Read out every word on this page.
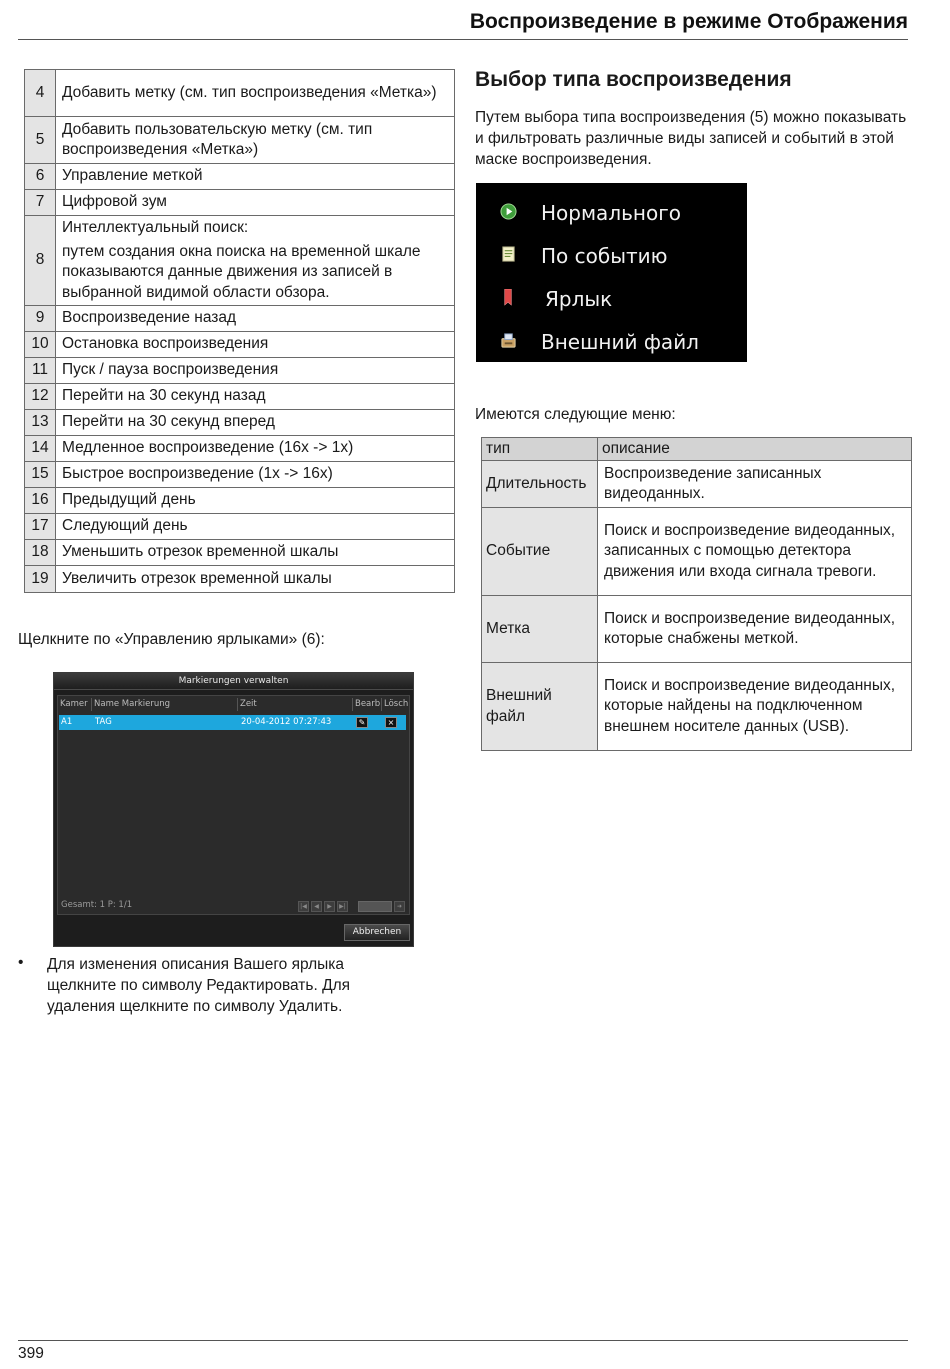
Воспроизведение в режиме Отображения
4	Добавить метку (см. тип воспроизведения «Метка»)

5	Добавить пользовательскую метку (см. тип воспроизведения «Метка»)

6	Управление меткой

7	Цифровой зум

8	Интеллектуальный поиск:
путем создания окна поиска на временной шкале показываются данные движения из записей в выбранной видимой области обзора.

9	Воспроизведение назад

10	Остановка воспроизведения

11	Пуск / пауза воспроизведения

12	Перейти на 30 секунд назад

13	Перейти на 30 секунд вперед

14	Медленное воспроизведение (16x -> 1x)

15	Быстрое воспроизведение (1x -> 16x)

16	Предыдущий день

17	Следующий день

18	Уменьшить отрезок временной шкалы

19	Увеличить отрезок временной шкалы
Щелкните по «Управлению ярлыками» (6):
Markierungen verwalten
Kamer Name Markierung	Zeit	Bearb Lösch
A1	TAG	20-04-2012 07:27:43	✎	×
Gesamt: 1 P: 1/1	|◀	◀	▶	▶|	➜
Abbrechen
• Для изменения описания Вашего ярлыка щелкните по символу Редактировать. Для удаления щелкните по символу Удалить.
Выбор типа воспроизведения
Путем выбора типа воспроизведения (5) можно показывать и фильтровать различные виды записей и событий в этой маске воспроизведения.
Нормального
По событию
Ярлык
Внешний файл
Имеются следующие меню:
тип	описание
Длительность	Воспроизведение записанных видеоданных.
Событие	Поиск и воспроизведение видеоданных, записанных с помощью детектора движения или входа сигнала тревоги.
Метка	Поиск и воспроизведение видеоданных, которые снабжены меткой.
Внешний файл	Поиск и воспроизведение видеоданных, которые найдены на подключенном внешнем носителе данных (USB).
399
